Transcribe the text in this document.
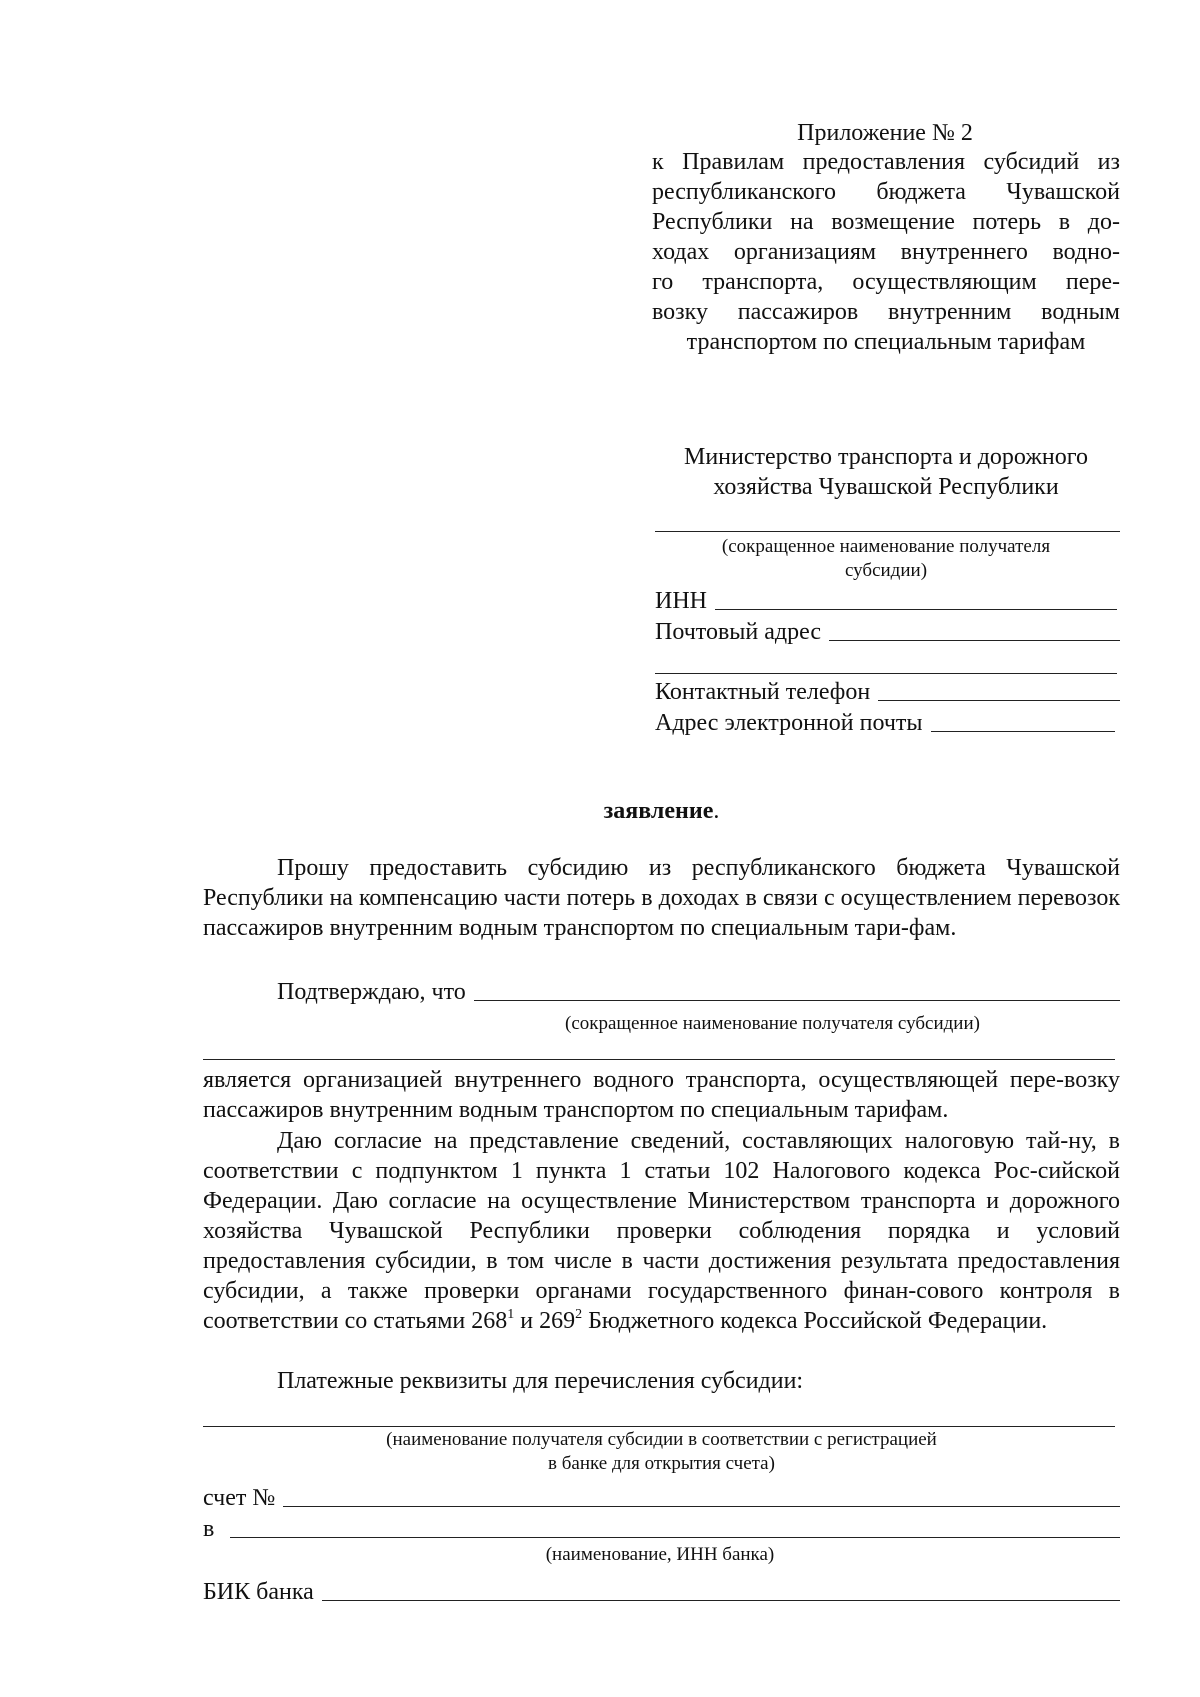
Приложение № 2
к Правилам предоставления субсидий из
республиканского бюджета Чувашской
Республики на возмещение потерь в до-
ходах организациям внутреннего водно-
го транспорта, осуществляющим пере-
возку пассажиров внутренним водным
транспортом по специальным тарифам
Министерство транспорта и дорожного
хозяйства Чувашской Республики
(сокращенное наименование получателя
субсидии)
ИНН
Почтовый адрес
Контактный телефон
Адрес электронной почты
заявление.
Прошу предоставить субсидию из республиканского бюджета Чувашской Республики на компенсацию части потерь в доходах в связи с осуществлением перевозок пассажиров внутренним водным транспортом по специальным тари-фам.
Подтверждаю, что
(сокращенное наименование получателя субсидии)
является организацией внутреннего водного транспорта, осуществляющей пере-возку пассажиров внутренним водным транспортом по специальным тарифам.
Даю согласие на представление сведений, составляющих налоговую тай-ну, в соответствии с подпунктом 1 пункта 1 статьи 102 Налогового кодекса Рос-сийской Федерации. Даю согласие на осуществление Министерством транспорта и дорожного хозяйства Чувашской Республики проверки соблюдения порядка и условий предоставления субсидии, в том числе в части достижения результата предоставления субсидии, а также проверки органами государственного финан-сового контроля в соответствии со статьями $268^1$ и $269^2$ Бюджетного кодекса Российской Федерации.
Платежные реквизиты для перечисления субсидии:
(наименование получателя субсидии в соответствии с регистрацией
в банке для открытия счета)
счет №
в
(наименование, ИНН банка)
БИК банка
